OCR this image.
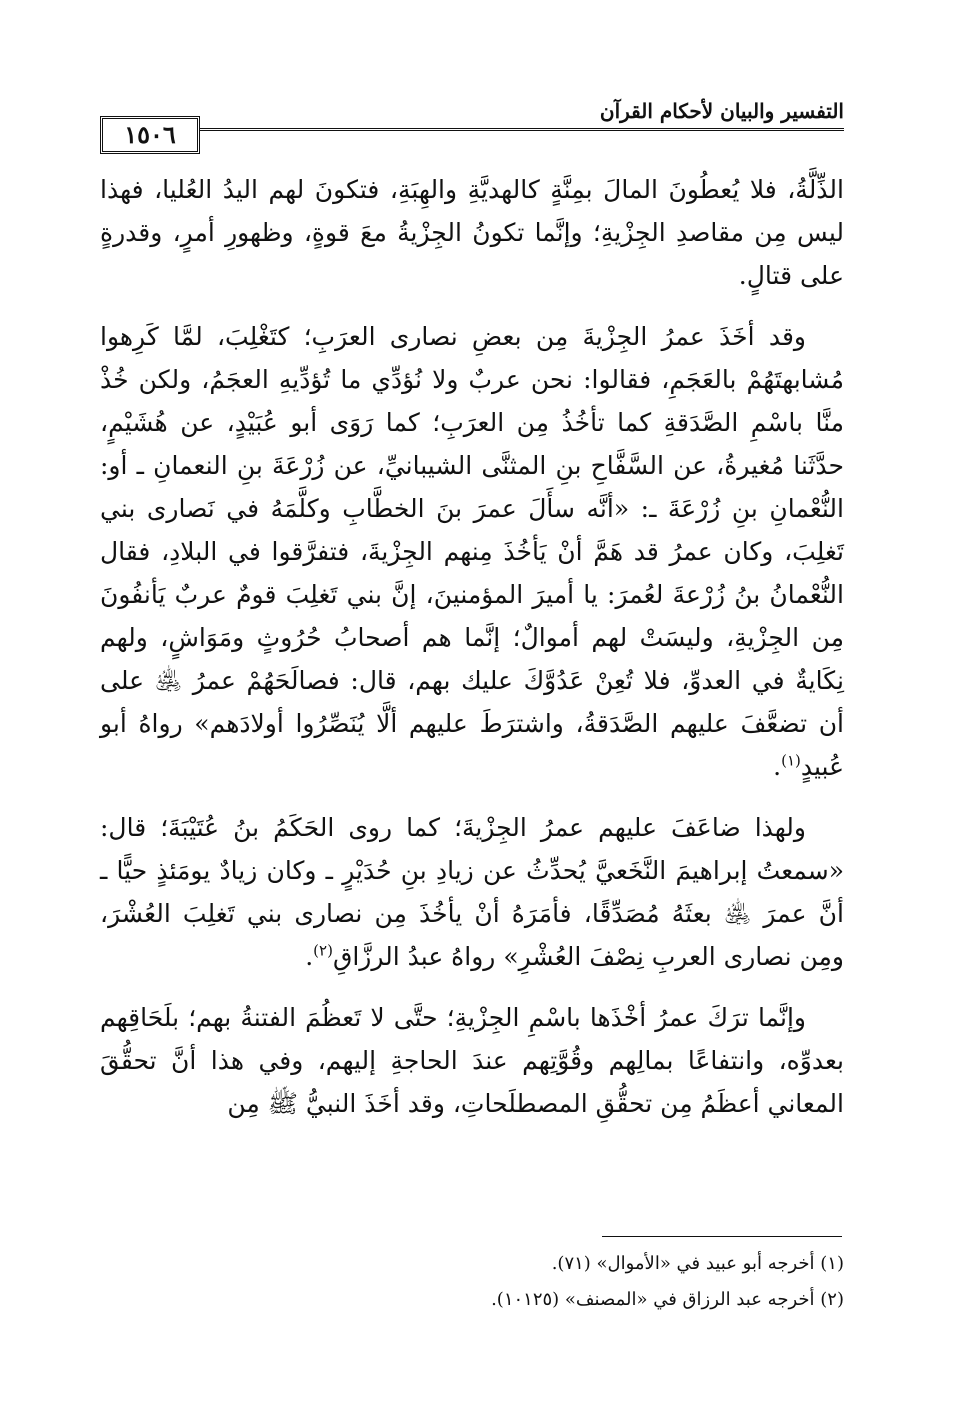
التفسير والبيان لأحكام القرآن
١٥٠٦

الذِّلَّةُ، فلا يُعطُونَ المالَ بمِنَّةٍ كالهديَّةِ والهِبَةِ، فتكونَ لهم اليدُ العُليا، فهذا ليس مِن مقاصدِ الجِزْيةِ؛ وإنَّما تكونُ الجِزْيةُ معَ قوةٍ، وظهورِ أمرٍ، وقدرةٍ على قتالٍ.

وقد أخَذَ عمرُ الجِزْيةَ مِن بعضِ نصارى العرَبِ؛ كتَغْلِبَ، لمَّا كَرِهوا مُشابهتَهُمْ بالعَجَمِ، فقالوا: نحن عربٌ ولا نُؤدِّي ما تُؤدِّيهِ العجَمُ، ولكن خُذْ منَّا باسْمِ الصَّدَقةِ كما تأخُذُ مِن العرَبِ؛ كما رَوَى أبو عُبَيْدٍ، عن هُشَيْمٍ، حدَّثَنا مُغيرةُ، عن السَّفَّاحِ بنِ المثنَّى الشيبانيِّ، عن زُرْعَةَ بنِ النعمانِ ـ أو: النُّعْمانِ بنِ زُرْعَةَ ـ: «أنَّه سأَلَ عمرَ بنَ الخطَّابِ وكلَّمَهُ في نَصارى بني تَغلِبَ، وكان عمرُ قد هَمَّ أنْ يَأخُذَ مِنهم الجِزْيةَ، فتفرَّقوا في البلادِ، فقال النُّعْمانُ بنُ زُرْعةَ لعُمرَ: يا أميرَ المؤمنينَ، إنَّ بني تَغلِبَ قومٌ عربٌ يَأنفُونَ مِن الجِزْيةِ، وليسَتْ لهم أموالٌ؛ إنَّما هم أصحابُ حُرُوثٍ ومَوَاشٍ، ولهم نِكَايةٌ في العدوِّ، فلا تُعِنْ عَدُوَّكَ عليك بهم، قال: فصالَحَهُمْ عمرُ ﵁ على أن تضعَّفَ عليهم الصَّدَقةُ، واشترَطَ عليهم ألَّا يُنَصِّرُوا أولادَهم» رواهُ أبو عُبيدٍ$^{(١)}$.

ولهذا ضاعَفَ عليهم عمرُ الجِزْيةَ؛ كما روى الحَكَمُ بنُ عُتَيْبَةَ؛ قال: «سمعتُ إبراهيمَ النَّخَعيَّ يُحدِّثُ عن زيادِ بنِ حُدَيْرٍ ـ وكان زيادٌ يومَئذٍ حيًّا ـ أنَّ عمرَ ﵁ بعثَهُ مُصَدِّقًا، فأمَرَهُ أنْ يأخُذَ مِن نصارى بني تَغلِبَ العُشْرَ، ومِن نصارى العربِ نِصْفَ العُشْرِ» رواهُ عبدُ الرزَّاقِ$^{(٢)}$.

وإنَّما ترَكَ عمرُ أخْذَها باسْمِ الجِزْيةِ؛ حتَّى لا تَعظُمَ الفتنةُ بهم؛ بلَحَاقِهم بعدوِّه، وانتفاعًا بمالِهم وقُوَّتِهم عندَ الحاجةِ إليهم، وفي هذا أنَّ تحقُّقَ المعاني أعظَمُ مِن تحقُّقِ المصطلَحاتِ، وقد أخَذَ النبيُّ ﷺ مِن

(١) أخرجه أبو عبيد في «الأموال» (٧١).

(٢) أخرجه عبد الرزاق في «المصنف» (١٠١٢٥).
